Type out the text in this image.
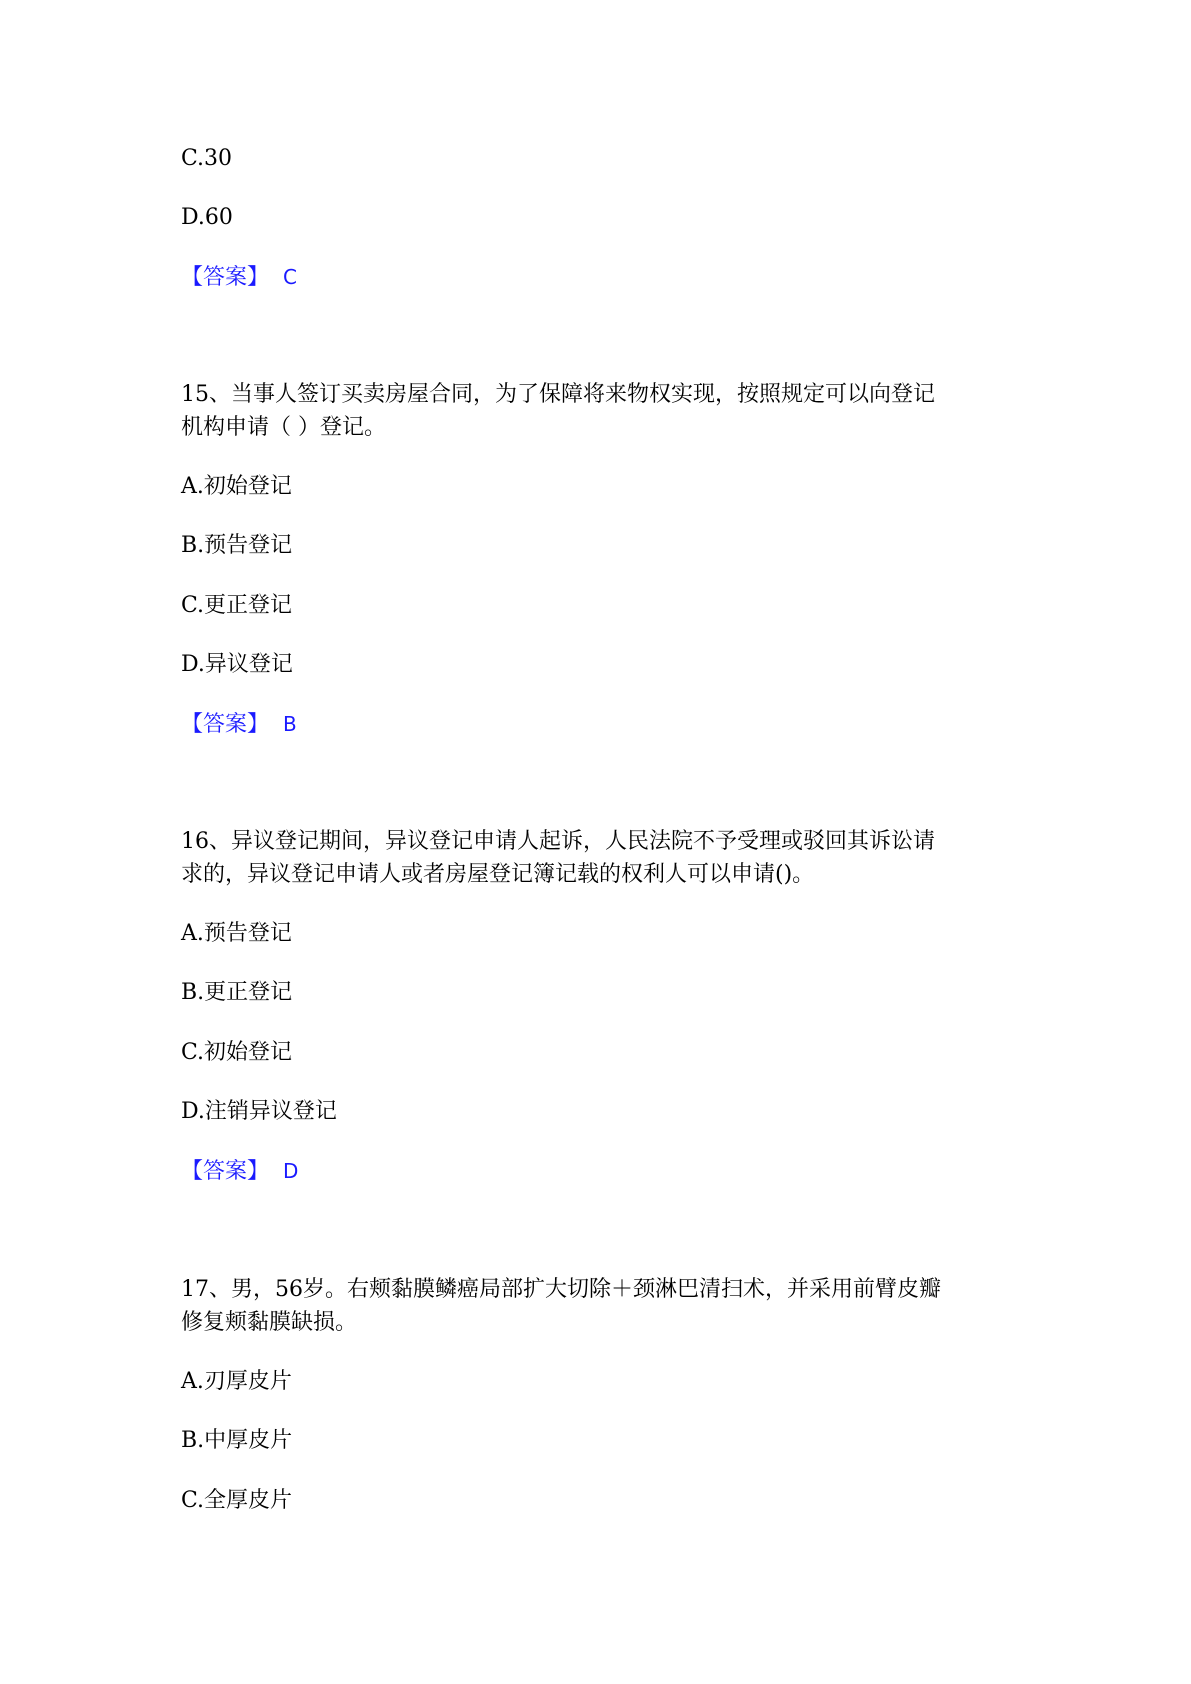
C.30
D.60
【答案】 C
15、当事人签订买卖房屋合同，为了保障将来物权实现，按照规定可以向登记
机构申请（ ）登记。
A.初始登记
B.预告登记
C.更正登记
D.异议登记
【答案】 B
16、异议登记期间，异议登记申请人起诉，人民法院不予受理或驳回其诉讼请
求的，异议登记申请人或者房屋登记簿记载的权利人可以申请()。
A.预告登记
B.更正登记
C.初始登记
D.注销异议登记
【答案】 D
17、男，56岁。右颊黏膜鳞癌局部扩大切除＋颈淋巴清扫术，并采用前臂皮瓣
修复颊黏膜缺损。
A.刃厚皮片
B.中厚皮片
C.全厚皮片
